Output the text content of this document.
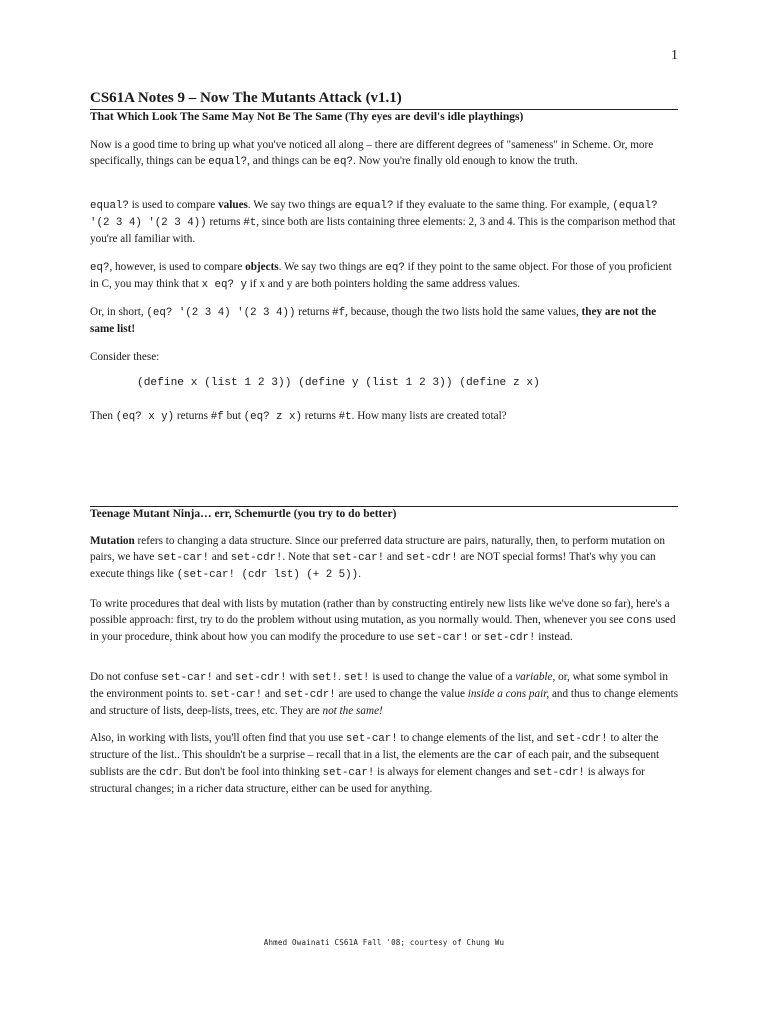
1
CS61A Notes 9 – Now The Mutants Attack (v1.1)
That Which Look The Same May Not Be The Same (Thy eyes are devil's idle playthings)
Now is a good time to bring up what you've noticed all along – there are different degrees of "sameness" in Scheme. Or, more specifically, things can be equal?, and things can be eq?. Now you're finally old enough to know the truth.
equal? is used to compare values. We say two things are equal? if they evaluate to the same thing. For example, (equal? '(2 3 4) '(2 3 4)) returns #t, since both are lists containing three elements: 2, 3 and 4. This is the comparison method that you're all familiar with.
eq?, however, is used to compare objects. We say two things are eq? if they point to the same object. For those of you proficient in C, you may think that x eq? y if x and y are both pointers holding the same address values.
Or, in short, (eq? '(2 3 4) '(2 3 4)) returns #f, because, though the two lists hold the same values, they are not the same list!
Consider these:
(define x (list 1 2 3)) (define y (list 1 2 3)) (define z x)
Then (eq? x y) returns #f but (eq? z x) returns #t. How many lists are created total?
Teenage Mutant Ninja… err, Schemurtle (you try to do better)
Mutation refers to changing a data structure. Since our preferred data structure are pairs, naturally, then, to perform mutation on pairs, we have set-car! and set-cdr!. Note that set-car! and set-cdr! are NOT special forms! That's why you can execute things like (set-car! (cdr lst) (+ 2 5)).
To write procedures that deal with lists by mutation (rather than by constructing entirely new lists like we've done so far), here's a possible approach: first, try to do the problem without using mutation, as you normally would. Then, whenever you see cons used in your procedure, think about how you can modify the procedure to use set-car! or set-cdr! instead.
Do not confuse set-car! and set-cdr! with set!. set! is used to change the value of a variable, or, what some symbol in the environment points to. set-car! and set-cdr! are used to change the value inside a cons pair, and thus to change elements and structure of lists, deep-lists, trees, etc. They are not the same!
Also, in working with lists, you'll often find that you use set-car! to change elements of the list, and set-cdr! to alter the structure of the list.. This shouldn't be a surprise – recall that in a list, the elements are the car of each pair, and the subsequent sublists are the cdr. But don't be fool into thinking set-car! is always for element changes and set-cdr! is always for structural changes; in a richer data structure, either can be used for anything.
Ahmed Owainati CS61A Fall '08; courtesy of Chung Wu
